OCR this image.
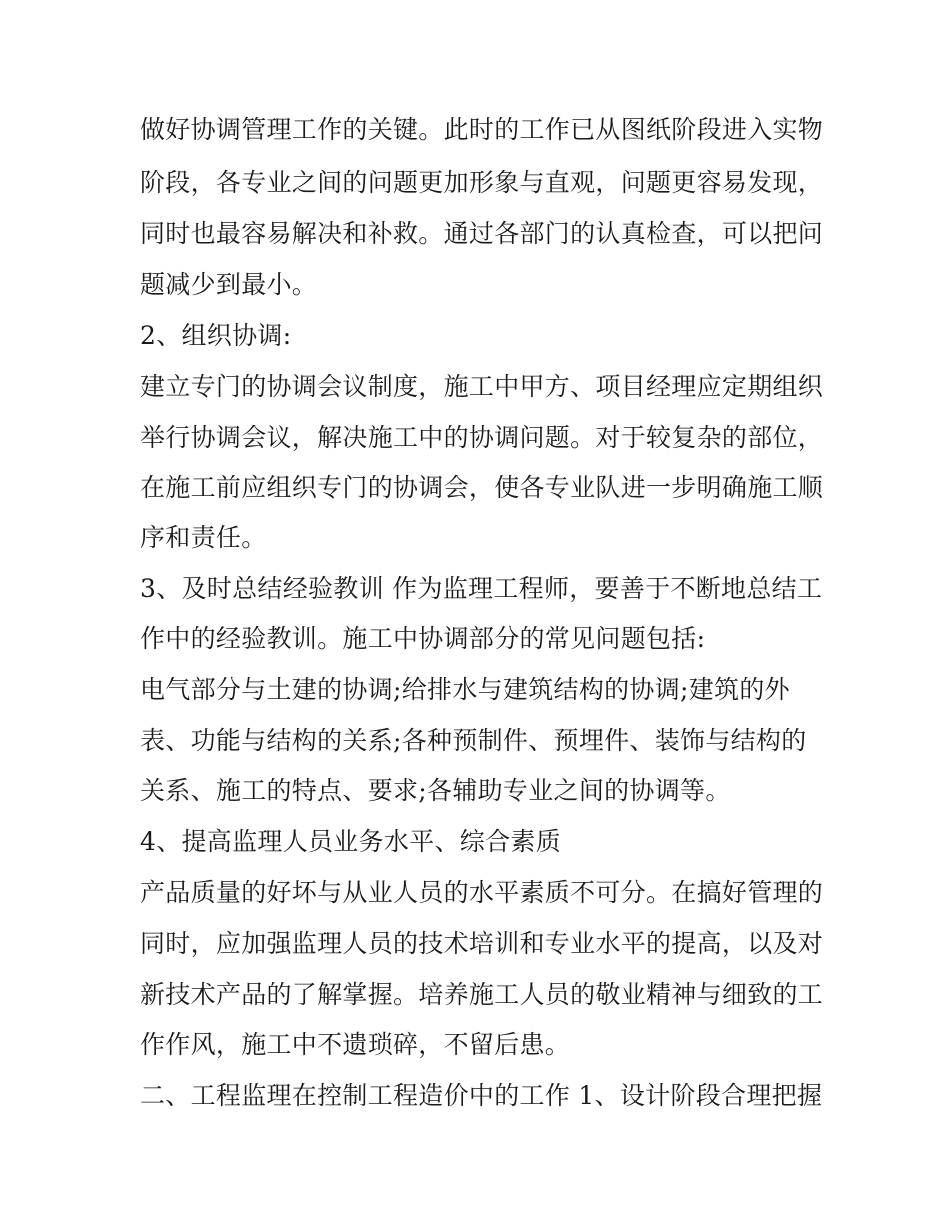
做好协调管理工作的关键。此时的工作已从图纸阶段进入实物

阶段，各专业之间的问题更加形象与直观，问题更容易发现，

同时也最容易解决和补救。通过各部门的认真检查，可以把问

题减少到最小。

2、组织协调:

建立专门的协调会议制度，施工中甲方、项目经理应定期组织

举行协调会议，解决施工中的协调问题。对于较复杂的部位，

在施工前应组织专门的协调会，使各专业队进一步明确施工顺

序和责任。

3、及时总结经验教训 作为监理工程师，要善于不断地总结工

作中的经验教训。施工中协调部分的常见问题包括:

电气部分与土建的协调;给排水与建筑结构的协调;建筑的外

表、功能与结构的关系;各种预制件、预埋件、装饰与结构的

关系、施工的特点、要求;各辅助专业之间的协调等。

4、提高监理人员业务水平、综合素质

产品质量的好坏与从业人员的水平素质不可分。在搞好管理的

同时，应加强监理人员的技术培训和专业水平的提高，以及对

新技术产品的了解掌握。培养施工人员的敬业精神与细致的工

作作风，施工中不遗琐碎，不留后患。

二、工程监理在控制工程造价中的工作 1、设计阶段合理把握
